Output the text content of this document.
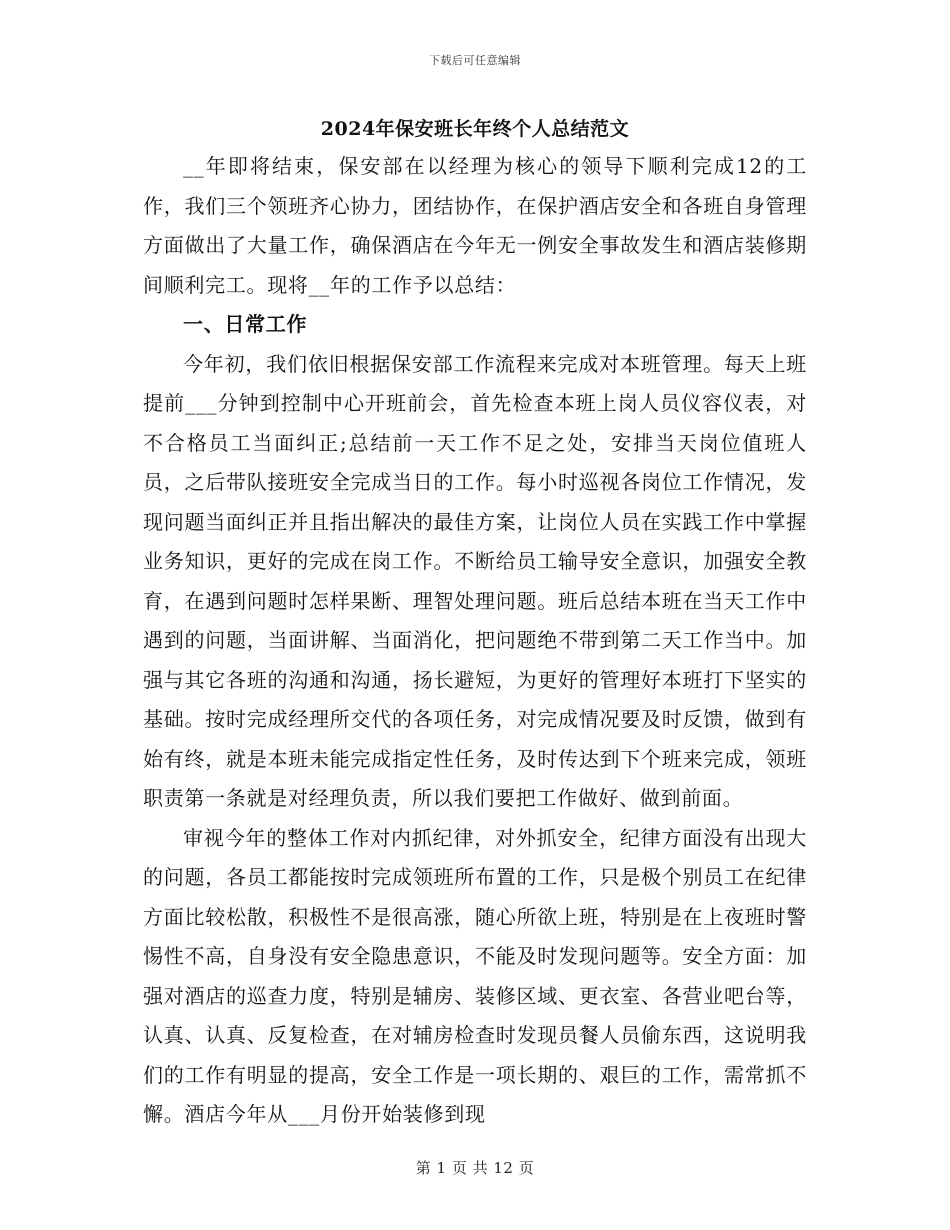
下载后可任意编辑
2024年保安班长年终个人总结范文

__年即将结束，保安部在以经理为核心的领导下顺利完成12的工作，我们三个领班齐心协力，团结协作，在保护酒店安全和各班自身管理方面做出了大量工作，确保酒店在今年无一例安全事故发生和酒店装修期间顺利完工。现将__年的工作予以总结：

一、日常工作

今年初，我们依旧根据保安部工作流程来完成对本班管理。每天上班提前___分钟到控制中心开班前会，首先检查本班上岗人员仪容仪表，对不合格员工当面纠正;总结前一天工作不足之处，安排当天岗位值班人员，之后带队接班安全完成当日的工作。每小时巡视各岗位工作情况，发现问题当面纠正并且指出解决的最佳方案，让岗位人员在实践工作中掌握业务知识，更好的完成在岗工作。不断给员工输导安全意识，加强安全教育，在遇到问题时怎样果断、理智处理问题。班后总结本班在当天工作中遇到的问题，当面讲解、当面消化，把问题绝不带到第二天工作当中。加强与其它各班的沟通和沟通，扬长避短，为更好的管理好本班打下坚实的基础。按时完成经理所交代的各项任务，对完成情况要及时反馈，做到有始有终，就是本班未能完成指定性任务，及时传达到下个班来完成，领班职责第一条就是对经理负责，所以我们要把工作做好、做到前面。

审视今年的整体工作对内抓纪律，对外抓安全，纪律方面没有出现大的问题，各员工都能按时完成领班所布置的工作，只是极个别员工在纪律方面比较松散，积极性不是很高涨，随心所欲上班，特别是在上夜班时警惕性不高，自身没有安全隐患意识，不能及时发现问题等。安全方面：加强对酒店的巡查力度，特别是辅房、装修区域、更衣室、各营业吧台等，认真、认真、反复检查，在对辅房检查时发现员餐人员偷东西，这说明我们的工作有明显的提高，安全工作是一项长期的、艰巨的工作，需常抓不懈。酒店今年从___月份开始装修到现

第 1 页 共 12 页
